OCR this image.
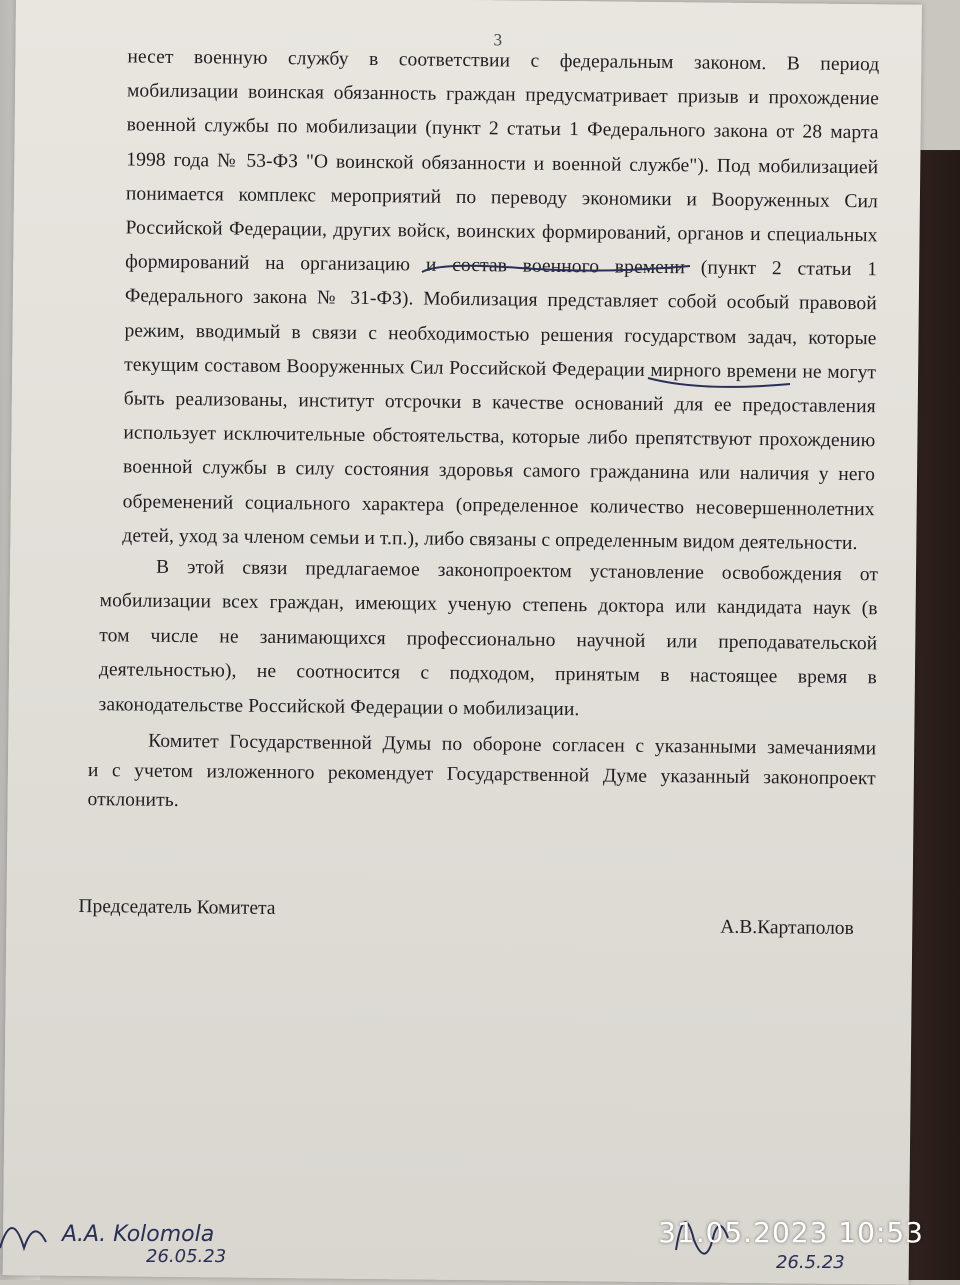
3
несет военную службу в соответствии с федеральным законом. В период
мобилизации воинская обязанность граждан предусматривает призыв и прохождение
военной службы по мобилизации (пункт 2 статьи 1 Федерального закона от 28 марта
1998 года № 53-ФЗ "О воинской обязанности и военной службе"). Под мобилизацией
понимается комплекс мероприятий по переводу экономики и Вооруженных Сил
Российской Федерации, других войск, воинских формирований, органов и специальных
формирований на организацию и состав военного времени (пункт 2 статьи 1
Федерального закона № 31-ФЗ). Мобилизация представляет собой особый правовой
режим, вводимый в связи с необходимостью решения государством задач, которые
текущим составом Вооруженных Сил Российской Федерации мирного времени не могут
быть реализованы, институт отсрочки в качестве оснований для ее предоставления
использует исключительные обстоятельства, которые либо препятствуют прохождению
военной службы в силу состояния здоровья самого гражданина или наличия у него
обременений социального характера (определенное количество несовершеннолетних
детей, уход за членом семьи и т.п.), либо связаны с определенным видом деятельности.
В этой связи предлагаемое законопроектом установление освобождения от
мобилизации всех граждан, имеющих ученую степень доктора или кандидата наук (в
том числе не занимающихся профессионально научной или преподавательской
деятельностью), не соотносится с подходом, принятым в настоящее время в
законодательстве Российской Федерации о мобилизации.
Комитет Государственной Думы по обороне согласен с указанными замечаниями
и с учетом изложенного рекомендует Государственной Думе указанный законопроект
отклонить.
Председатель Комитета
А.В.Картаполов
А.А. Kolomola
26.05.23	26.5.23
31.05.2023 10:53
